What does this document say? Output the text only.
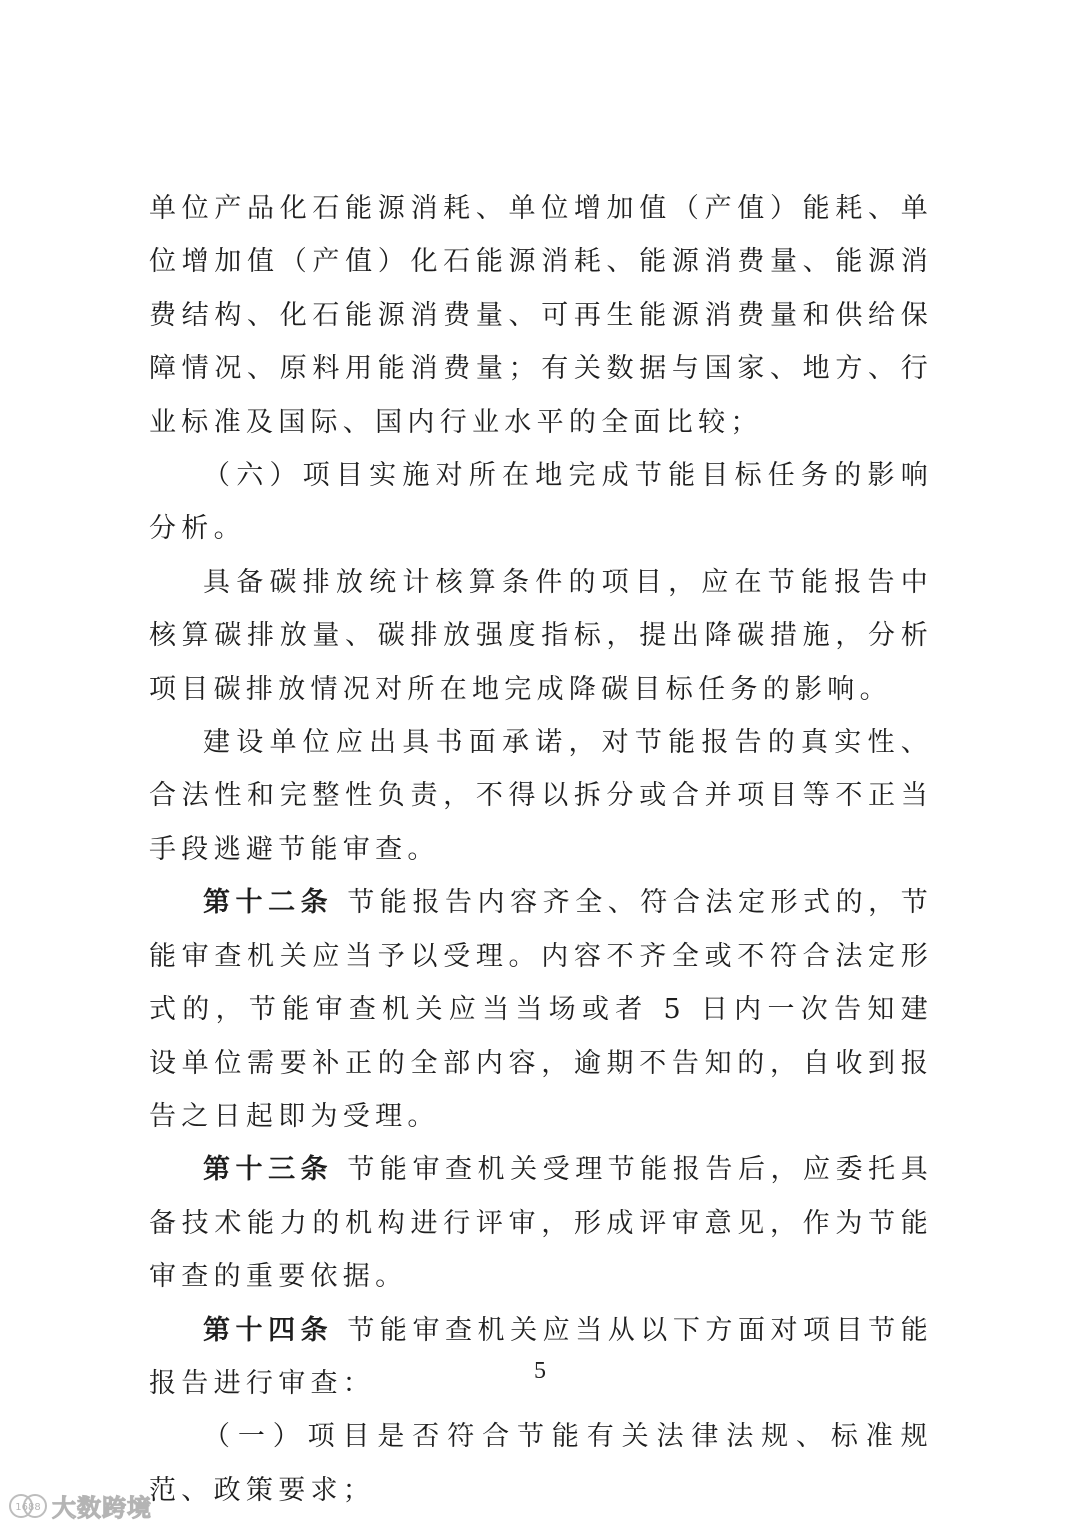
单位产品化石能源消耗、单位增加值（产值）能耗、单位增加值（产值）化石能源消耗、能源消费量、能源消费结构、化石能源消费量、可再生能源消费量和供给保障情况、原料用能消费量；有关数据与国家、地方、行业标准及国际、国内行业水平的全面比较；

（六）项目实施对所在地完成节能目标任务的影响分析。

具备碳排放统计核算条件的项目，应在节能报告中核算碳排放量、碳排放强度指标，提出降碳措施，分析项目碳排放情况对所在地完成降碳目标任务的影响。

建设单位应出具书面承诺，对节能报告的真实性、合法性和完整性负责，不得以拆分或合并项目等不正当手段逃避节能审查。

第十二条 节能报告内容齐全、符合法定形式的，节能审查机关应当予以受理。内容不齐全或不符合法定形式的，节能审查机关应当当场或者 5 日内一次告知建设单位需要补正的全部内容，逾期不告知的，自收到报告之日起即为受理。

第十三条 节能审查机关受理节能报告后，应委托具备技术能力的机构进行评审，形成评审意见，作为节能审查的重要依据。

第十四条 节能审查机关应当从以下方面对项目节能报告进行审查：

（一）项目是否符合节能有关法律法规、标准规范、政策要求；

5
1688 大数跨境
